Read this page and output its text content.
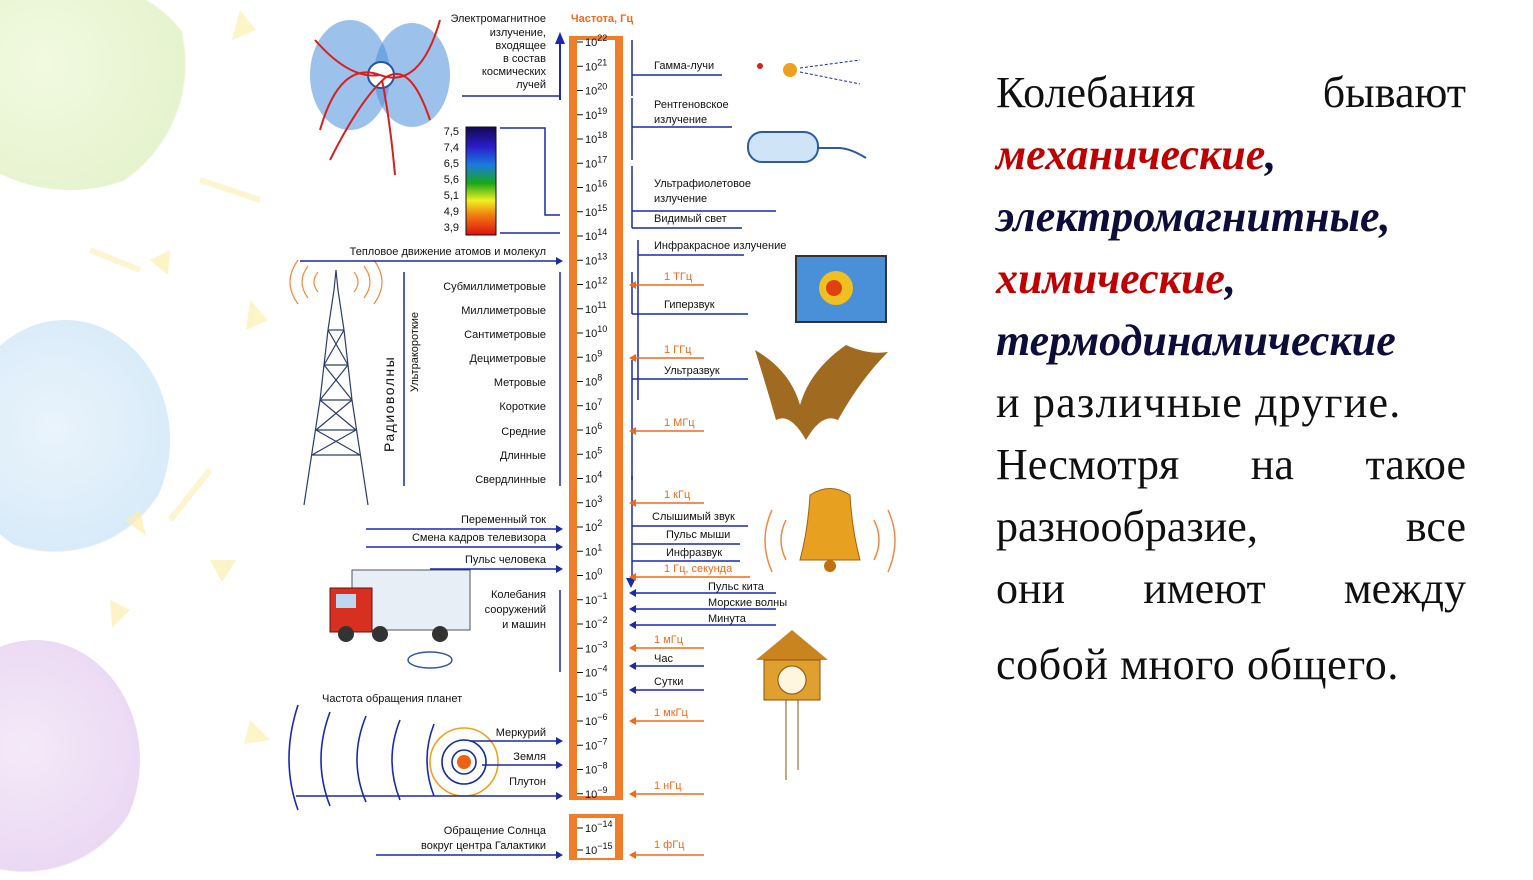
Частота, Гц
$10^{22}$
$10^{21}$
$10^{20}$
$10^{19}$
$10^{18}$
$10^{17}$
$10^{16}$
$10^{15}$
$10^{14}$
$10^{13}$
$10^{12}$
$10^{11}$
$10^{10}$
$10^9$
$10^8$
$10^7$
$10^6$
$10^5$
$10^4$
$10^3$
$10^2$
$10^1$
$10^0$
$10^{-1}$
$10^{-2}$
$10^{-3}$
$10^{-4}$
$10^{-5}$
$10^{-6}$
$10^{-7}$
$10^{-8}$
$10^{-9}$
$10^{-14}$
$10^{-15}$
Электромагнитное
излучение,
входящее
в состав
космических
лучей
7,5
7,4
6,5
5,6
5,1
4,9
3,9
Тепловое движение атомов и молекул
Радиоволны
Ультракороткие
Субмиллиметровые
Миллиметровые
Сантиметровые
Дециметровые
Метровые
Короткие
Средние
Длинные
Свердлинные
Переменный ток
Смена кадров телевизора
Пульс человека
Колебания
сооружений
и машин
Частота обращения планет
Меркурий
Земля
Плутон
Обращение Солнца
вокруг центра Галактики
Гамма-лучи
Рентгеновское
излучение
Ультрафиолетовое
излучение
Видимый свет
Инфракрасное излучение
Гиперзвук
Ультразвук
Слышимый звук
Пульс мыши
Инфразвук
Пульс кита
Морские волны
Минута
Час
Сутки
1 ТГц
1 ГГц
1 МГц
1 кГц
1 Гц, секунда
1 мГц
1 мкГц
1 нГц
1 фГц
Колебания	бывают
механические,
электромагнитные,
химические,
термодинамические
и различные другие.
Несмотря на такое
разнообразие,	все
они имеют между
собой много общего.
